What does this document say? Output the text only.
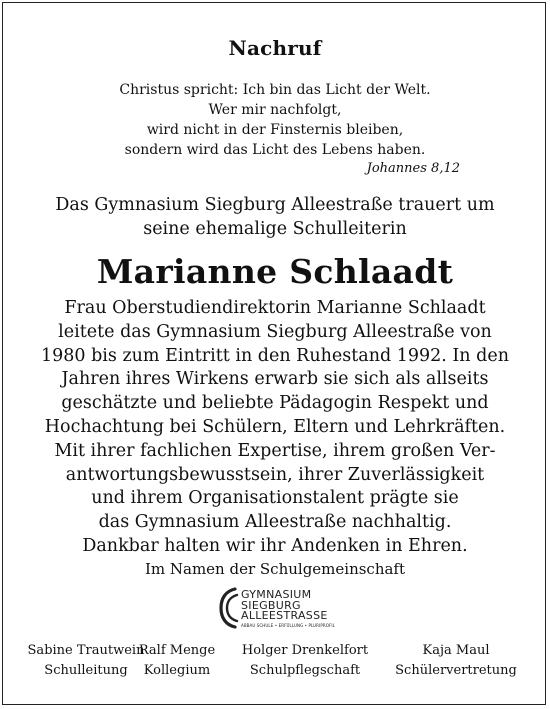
Nachruf
Christus spricht: Ich bin das Licht der Welt.
Wer mir nachfolgt,
wird nicht in der Finsternis bleiben,
sondern wird das Licht des Lebens haben.
Johannes 8,12
Das Gymnasium Siegburg Alleestraße trauert um
seine ehemalige Schulleiterin
Marianne Schlaadt
Frau Oberstudiendirektorin Marianne Schlaadt
leitete das Gymnasium Siegburg Alleestraße von
1980 bis zum Eintritt in den Ruhestand 1992. In den
Jahren ihres Wirkens erwarb sie sich als allseits
geschätzte und beliebte Pädagogin Respekt und
Hochachtung bei Schülern, Eltern und Lehrkräften.
Mit ihrer fachlichen Expertise, ihrem großen Ver-
antwortungsbewusstsein, ihrer Zuverlässigkeit
und ihrem Organisationstalent prägte sie
das Gymnasium Alleestraße nachhaltig.
Dankbar halten wir ihr Andenken in Ehren.
Im Namen der Schulgemeinschaft
GYMNASIUM
SIEGBURG
ALLEESTRASSE
ABBAU SCHULE • ERFÜLLUNG • PLURIPROFIL
Sabine Trautwein
Schulleitung
Ralf Menge
Kollegium
Holger Drenkelfort
Schulpflegschaft
Kaja Maul
Schülervertretung
